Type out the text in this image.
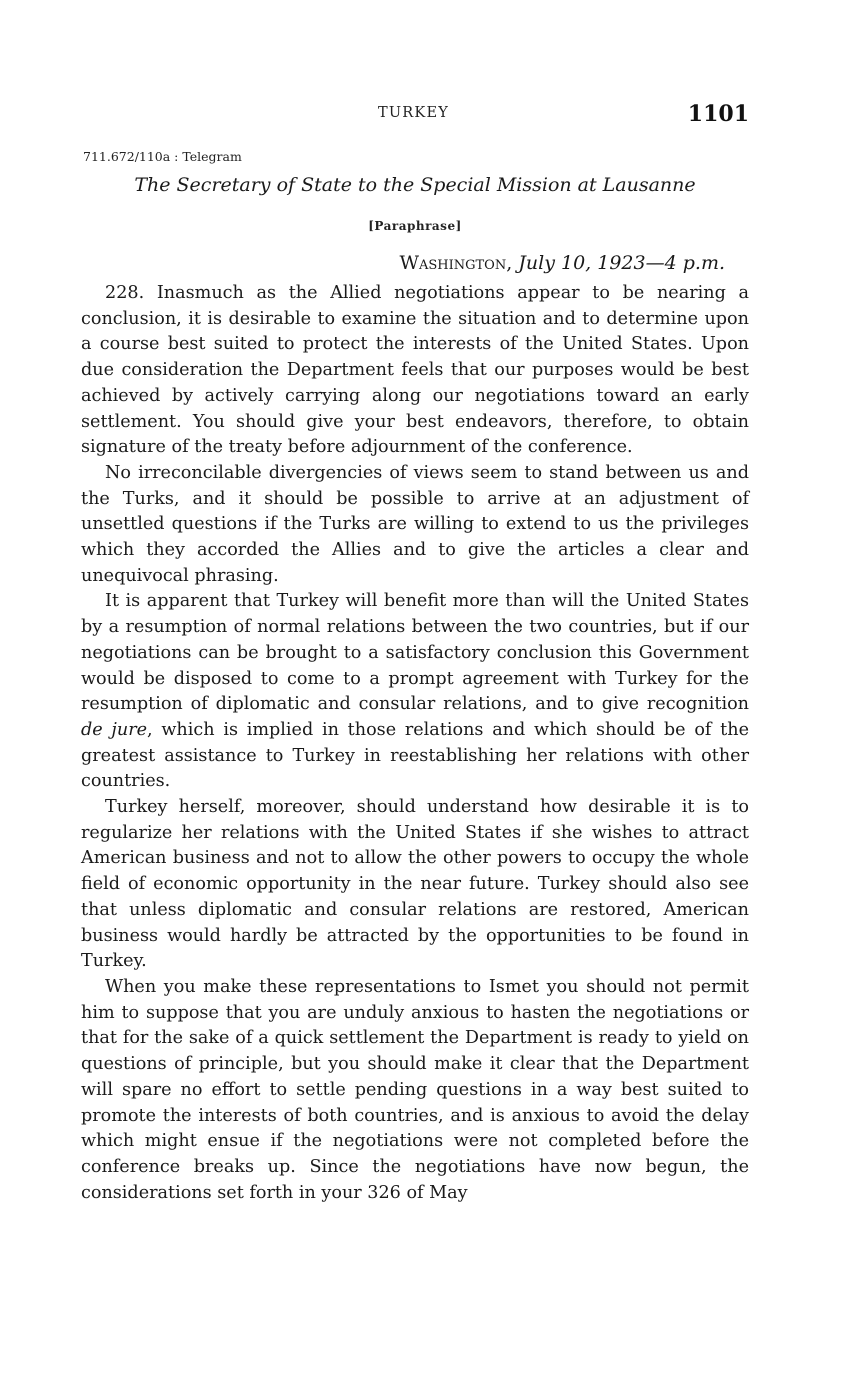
TURKEY	1101
711.672/110a : Telegram
The Secretary of State to the Special Mission at Lausanne
[Paraphrase]
Washington, July 10, 1923—4 p.m.

228. Inasmuch as the Allied negotiations appear to be nearing a conclusion, it is desirable to examine the situation and to determine upon a course best suited to protect the interests of the United States. Upon due consideration the Department feels that our purposes would be best achieved by actively carrying along our negotiations toward an early settlement. You should give your best endeavors, therefore, to obtain signature of the treaty before adjournment of the conference.

No irreconcilable divergencies of views seem to stand between us and the Turks, and it should be possible to arrive at an adjustment of unsettled questions if the Turks are willing to extend to us the privileges which they accorded the Allies and to give the articles a clear and unequivocal phrasing.

It is apparent that Turkey will benefit more than will the United States by a resumption of normal relations between the two countries, but if our negotiations can be brought to a satisfactory conclusion this Government would be disposed to come to a prompt agreement with Turkey for the resumption of diplomatic and consular relations, and to give recognition de jure, which is implied in those relations and which should be of the greatest assistance to Turkey in reestablishing her relations with other countries.

Turkey herself, moreover, should understand how desirable it is to regularize her relations with the United States if she wishes to attract American business and not to allow the other powers to occupy the whole field of economic opportunity in the near future. Turkey should also see that unless diplomatic and consular relations are restored, American business would hardly be attracted by the opportunities to be found in Turkey.

When you make these representations to Ismet you should not permit him to suppose that you are unduly anxious to hasten the negotiations or that for the sake of a quick settlement the Department is ready to yield on questions of principle, but you should make it clear that the Department will spare no effort to settle pending questions in a way best suited to promote the interests of both countries, and is anxious to avoid the delay which might ensue if the negotiations were not completed before the conference breaks up. Since the negotiations have now begun, the considerations set forth in your 326 of May
